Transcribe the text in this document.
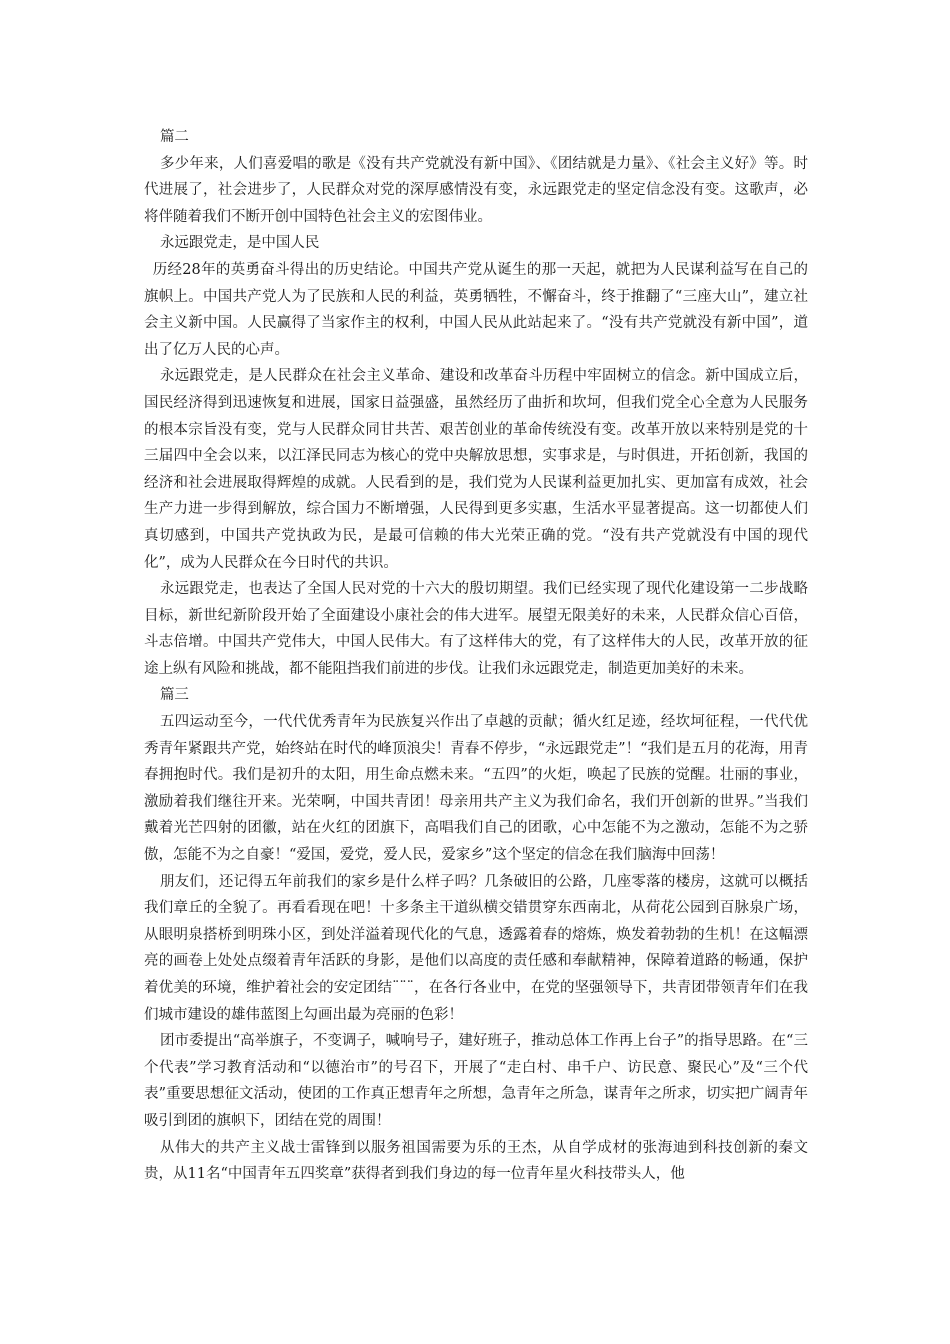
篇二

多少年来，人们喜爱唱的歌是《没有共产党就没有新中国》、《团结就是力量》、《社会主义好》等。时代进展了，社会进步了，人民群众对党的深厚感情没有变，永远跟党走的坚定信念没有变。这歌声，必将伴随着我们不断开创中国特色社会主义的宏图伟业。

永远跟党走，是中国人民

历经28年的英勇奋斗得出的历史结论。中国共产党从诞生的那一天起，就把为人民谋利益写在自己的旗帜上。中国共产党人为了民族和人民的利益，英勇牺牲，不懈奋斗，终于推翻了“三座大山”，建立社会主义新中国。人民赢得了当家作主的权利，中国人民从此站起来了。“没有共产党就没有新中国”，道出了亿万人民的心声。

永远跟党走，是人民群众在社会主义革命、建设和改革奋斗历程中牢固树立的信念。新中国成立后，国民经济得到迅速恢复和进展，国家日益强盛，虽然经历了曲折和坎坷，但我们党全心全意为人民服务的根本宗旨没有变，党与人民群众同甘共苦、艰苦创业的革命传统没有变。改革开放以来特别是党的十三届四中全会以来，以江泽民同志为核心的党中央解放思想，实事求是，与时俱进，开拓创新，我国的经济和社会进展取得辉煌的成就。人民看到的是，我们党为人民谋利益更加扎实、更加富有成效，社会生产力进一步得到解放，综合国力不断增强，人民得到更多实惠，生活水平显著提高。这一切都使人们真切感到，中国共产党执政为民，是最可信赖的伟大光荣正确的党。“没有共产党就没有中国的现代化”，成为人民群众在今日时代的共识。

永远跟党走，也表达了全国人民对党的十六大的殷切期望。我们已经实现了现代化建设第一二步战略目标，新世纪新阶段开始了全面建设小康社会的伟大进军。展望无限美好的未来，人民群众信心百倍，斗志倍增。中国共产党伟大，中国人民伟大。有了这样伟大的党，有了这样伟大的人民，改革开放的征途上纵有风险和挑战，都不能阻挡我们前进的步伐。让我们永远跟党走，制造更加美好的未来。

篇三

五四运动至今，一代代优秀青年为民族复兴作出了卓越的贡献；循火红足迹，经坎坷征程，一代代优秀青年紧跟共产党，始终站在时代的峰顶浪尖！青春不停步，“永远跟党走”！“我们是五月的花海，用青春拥抱时代。我们是初升的太阳，用生命点燃未来。“五四”的火炬，唤起了民族的觉醒。壮丽的事业，激励着我们继往开来。光荣啊，中国共青团！母亲用共产主义为我们命名，我们开创新的世界。”当我们戴着光芒四射的团徽，站在火红的团旗下，高唱我们自己的团歌，心中怎能不为之激动，怎能不为之骄傲，怎能不为之自豪！“爱国，爱党，爱人民，爱家乡”这个坚定的信念在我们脑海中回荡！

朋友们，还记得五年前我们的家乡是什么样子吗？几条破旧的公路，几座零落的楼房，这就可以概括我们章丘的全貌了。再看看现在吧！十多条主干道纵横交错贯穿东西南北，从荷花公园到百脉泉广场，从眼明泉搭桥到明珠小区，到处洋溢着现代化的气息，透露着春的熔炼，焕发着勃勃的生机！在这幅漂亮的画卷上处处点缀着青年活跃的身影，是他们以高度的责任感和奉献精神，保障着道路的畅通，保护着优美的环境，维护着社会的安定团结¨¨¨，在各行各业中，在党的坚强领导下，共青团带领青年们在我们城市建设的雄伟蓝图上勾画出最为亮丽的色彩！

团市委提出“高举旗子，不变调子，喊响号子，建好班子，推动总体工作再上台子”的指导思路。在“三个代表”学习教育活动和“以德治市”的号召下，开展了“走白村、串千户、访民意、聚民心”及“三个代表”重要思想征文活动，使团的工作真正想青年之所想，急青年之所急，谋青年之所求，切实把广阔青年吸引到团的旗帜下，团结在党的周围！

从伟大的共产主义战士雷锋到以服务祖国需要为乐的王杰，从自学成材的张海迪到科技创新的秦文贵，从11名“中国青年五四奖章”获得者到我们身边的每一位青年星火科技带头人，他
